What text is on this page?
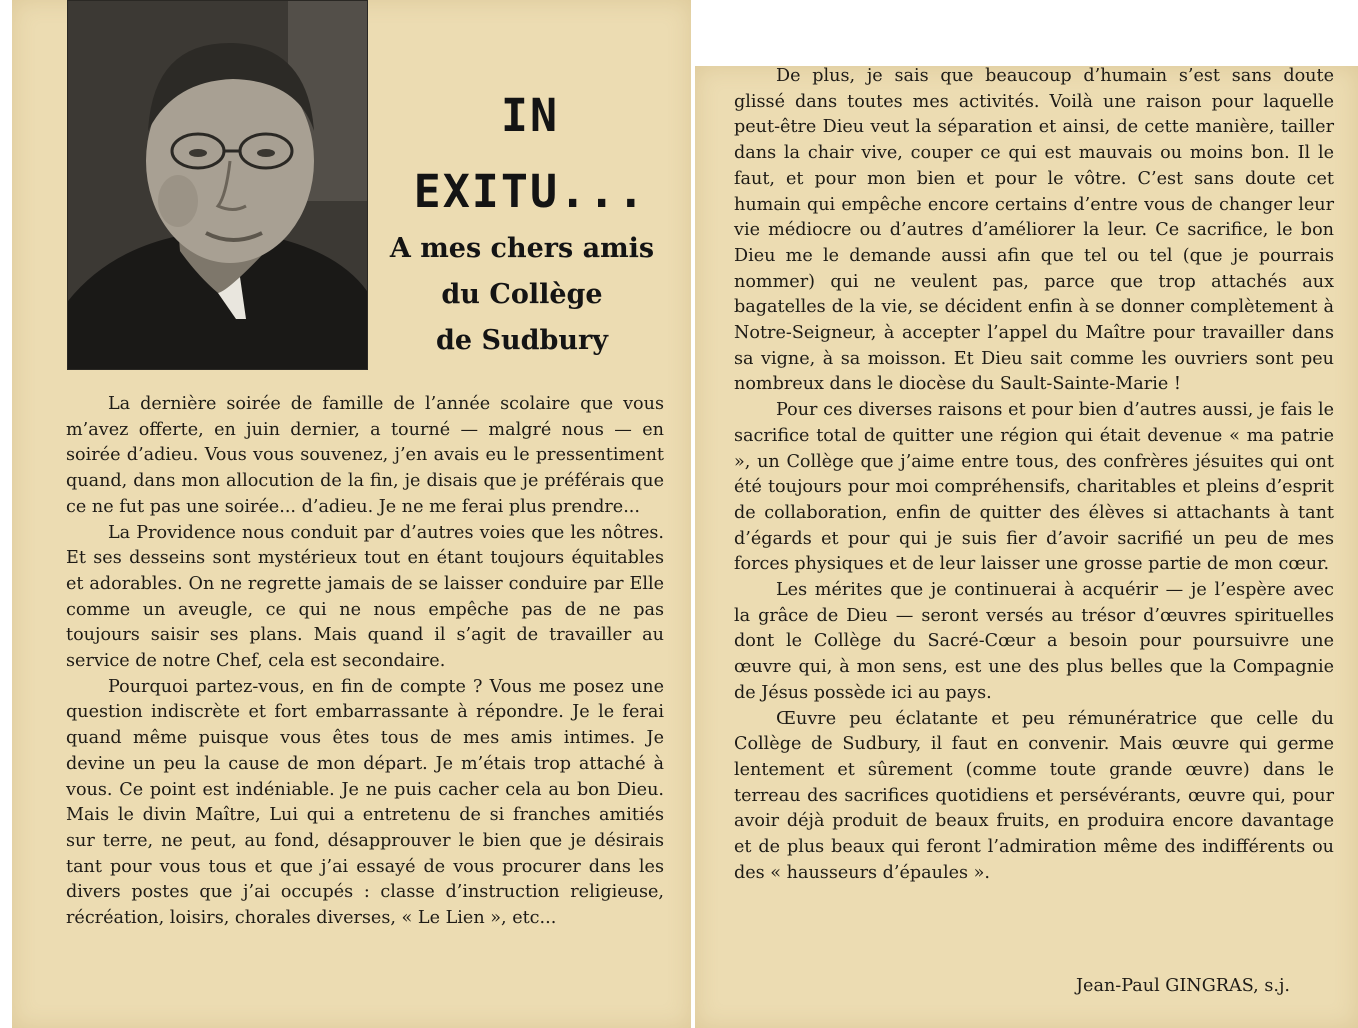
IN
EXITU...
A mes chers amis
du Collège
de Sudbury

La dernière soirée de famille de l’année scolaire que vous m’avez offerte, en juin dernier, a tourné — malgré nous — en soirée d’adieu. Vous vous souvenez, j’en avais eu le pressentiment quand, dans mon allocution de la fin, je disais que je préférais que ce ne fut pas une soirée... d’adieu. Je ne me ferai plus prendre...

La Providence nous conduit par d’autres voies que les nôtres. Et ses desseins sont mystérieux tout en étant toujours équitables et adorables. On ne regrette jamais de se laisser conduire par Elle comme un aveugle, ce qui ne nous empêche pas de ne pas toujours saisir ses plans. Mais quand il s’agit de travailler au service de notre Chef, cela est secondaire.

Pourquoi partez-vous, en fin de compte ? Vous me posez une question indiscrète et fort embarrassante à répondre. Je le ferai quand même puisque vous êtes tous de mes amis intimes. Je devine un peu la cause de mon départ. Je m’étais trop attaché à vous. Ce point est indéniable. Je ne puis cacher cela au bon Dieu. Mais le divin Maître, Lui qui a entretenu de si franches amitiés sur terre, ne peut, au fond, désapprouver le bien que je désirais tant pour vous tous et que j’ai essayé de vous procurer dans les divers postes que j’ai occupés : classe d’instruction religieuse, récréation, loisirs, chorales diverses, « Le Lien », etc...

De plus, je sais que beaucoup d’humain s’est sans doute glissé dans toutes mes activités. Voilà une raison pour laquelle peut-être Dieu veut la séparation et ainsi, de cette manière, tailler dans la chair vive, couper ce qui est mauvais ou moins bon. Il le faut, et pour mon bien et pour le vôtre. C’est sans doute cet humain qui empêche encore certains d’entre vous de changer leur vie médiocre ou d’autres d’améliorer la leur. Ce sacrifice, le bon Dieu me le demande aussi afin que tel ou tel (que je pourrais nommer) qui ne veulent pas, parce que trop attachés aux bagatelles de la vie, se décident enfin à se donner complètement à Notre-Seigneur, à accepter l’appel du Maître pour travailler dans sa vigne, à sa moisson. Et Dieu sait comme les ouvriers sont peu nombreux dans le diocèse du Sault-Sainte-Marie !

Pour ces diverses raisons et pour bien d’autres aussi, je fais le sacrifice total de quitter une région qui était devenue « ma patrie », un Collège que j’aime entre tous, des confrères jésuites qui ont été toujours pour moi compréhensifs, charitables et pleins d’esprit de collaboration, enfin de quitter des élèves si attachants à tant d’égards et pour qui je suis fier d’avoir sacrifié un peu de mes forces physiques et de leur laisser une grosse partie de mon cœur.

Les mérites que je continuerai à acquérir — je l’espère avec la grâce de Dieu — seront versés au trésor d’œuvres spirituelles dont le Collège du Sacré-Cœur a besoin pour poursuivre une œuvre qui, à mon sens, est une des plus belles que la Compagnie de Jésus possède ici au pays.

Œuvre peu éclatante et peu rémunératrice que celle du Collège de Sudbury, il faut en convenir. Mais œuvre qui germe lentement et sûrement (comme toute grande œuvre) dans le terreau des sacrifices quotidiens et persévérants, œuvre qui, pour avoir déjà produit de beaux fruits, en produira encore davantage et de plus beaux qui feront l’admiration même des indifférents ou des « hausseurs d’épaules ».

Jean-Paul GINGRAS, s.j.
